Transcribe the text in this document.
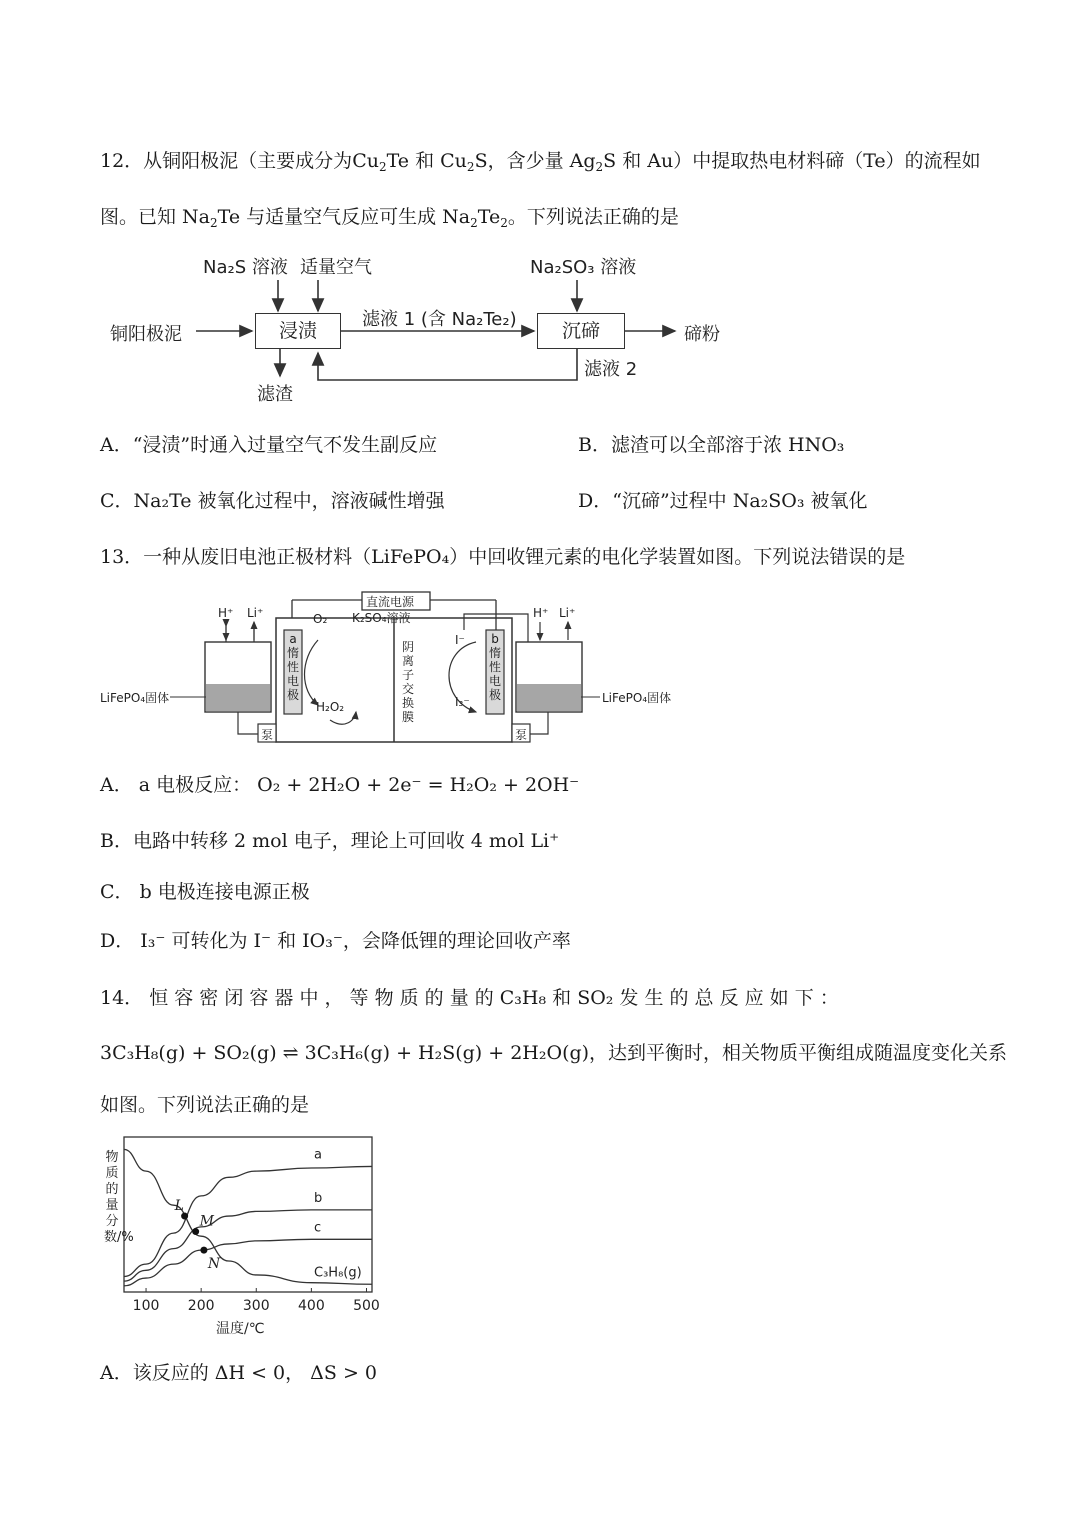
12．从铜阳极泥（主要成分为$Cu_2Te$ 和 $Cu_2S$，含少量 $Ag_2S$ 和 Au）中提取热电材料碲（Te）的流程如
图。已知 $Na_2Te$ 与适量空气反应可生成 $Na_2Te_2$。下列说法正确的是
铜阳极泥
Na₂S 溶液 适量空气
浸渍
滤液 1 (含 Na₂Te₂)
Na₂SO₃ 溶液
沉碲	碲粉
滤渣
滤液 2
A．“浸渍”时通入过量空气不发生副反应	B．滤渣可以全部溶于浓 HNO₃
C．Na₂Te 被氧化过程中，溶液碱性增强	D．“沉碲”过程中 Na₂SO₃ 被氧化
13．一种从废旧电池正极材料（LiFePO₄）中回收锂元素的电化学装置如图。下列说法错误的是
直流电源
K₂SO₄溶液
O₂
H₂O₂
H⁺ Li⁺	H⁺ Li⁺
a 惰 性 电 极
b 惰 性 电 极
阴 离 子 交 换 膜
I⁻
I₃⁻
LiFePO₄固体	LiFePO₄固体
泵	泵
A． a 电极反应： O₂ + 2H₂O + 2e⁻ = H₂O₂ + 2OH⁻
B．电路中转移 2 mol 电子，理论上可回收 4 mol Li⁺
C． b 电极连接电源正极
D． I₃⁻ 可转化为 I⁻ 和 IO₃⁻，会降低锂的理论回收产率
14． 恒 容 密 闭 容 器 中 ， 等 物 质 的 量 的 C₃H₈ 和 SO₂ 发 生 的 总 反 应 如 下 ：
3C₃H₈(g) + SO₂(g) ⇌ 3C₃H₆(g) + H₂S(g) + 2H₂O(g)，达到平衡时，相关物质平衡组成随温度变化关系
如图。下列说法正确的是
100 200 300 400 500
a
b
c
C₃H₈(g)
L
M
N
物质的量分数/%
温度/℃
A．该反应的 ΔH < 0， ΔS > 0
